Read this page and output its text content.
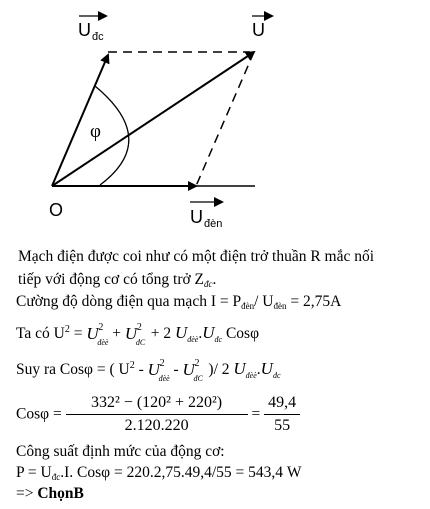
φ
O
U đc	U
U đèn
Mạch điện được coi như có một điện trở thuần R mắc nối
tiếp với động cơ có tổng trở $Z_{đc}$.
Cường độ dòng điện qua mạch $I = P_{đèn}/$ $U_{đèn} = 2,75A$
Ta có $U^2 = U$ 2
đèè
+ U 2
đC
+ 2 $U_{đèè}.U_{đc}$ Cosφ
Suy ra Cosφ = ( $U^2$ - U 2
đèè
- U 2
đC
)/ 2 $U_{đèè}.U_{đc}$
$Cos\varphi = \frac{\text{332² − (120² + 220²)}}{2.120.220} = \frac{49,4}{55}$
Công suất định mức của động cơ:
$P = U_{đc}.I$. Cosφ = 220.2,75.49,4/55 = 543,4 W
=> ChọnB
